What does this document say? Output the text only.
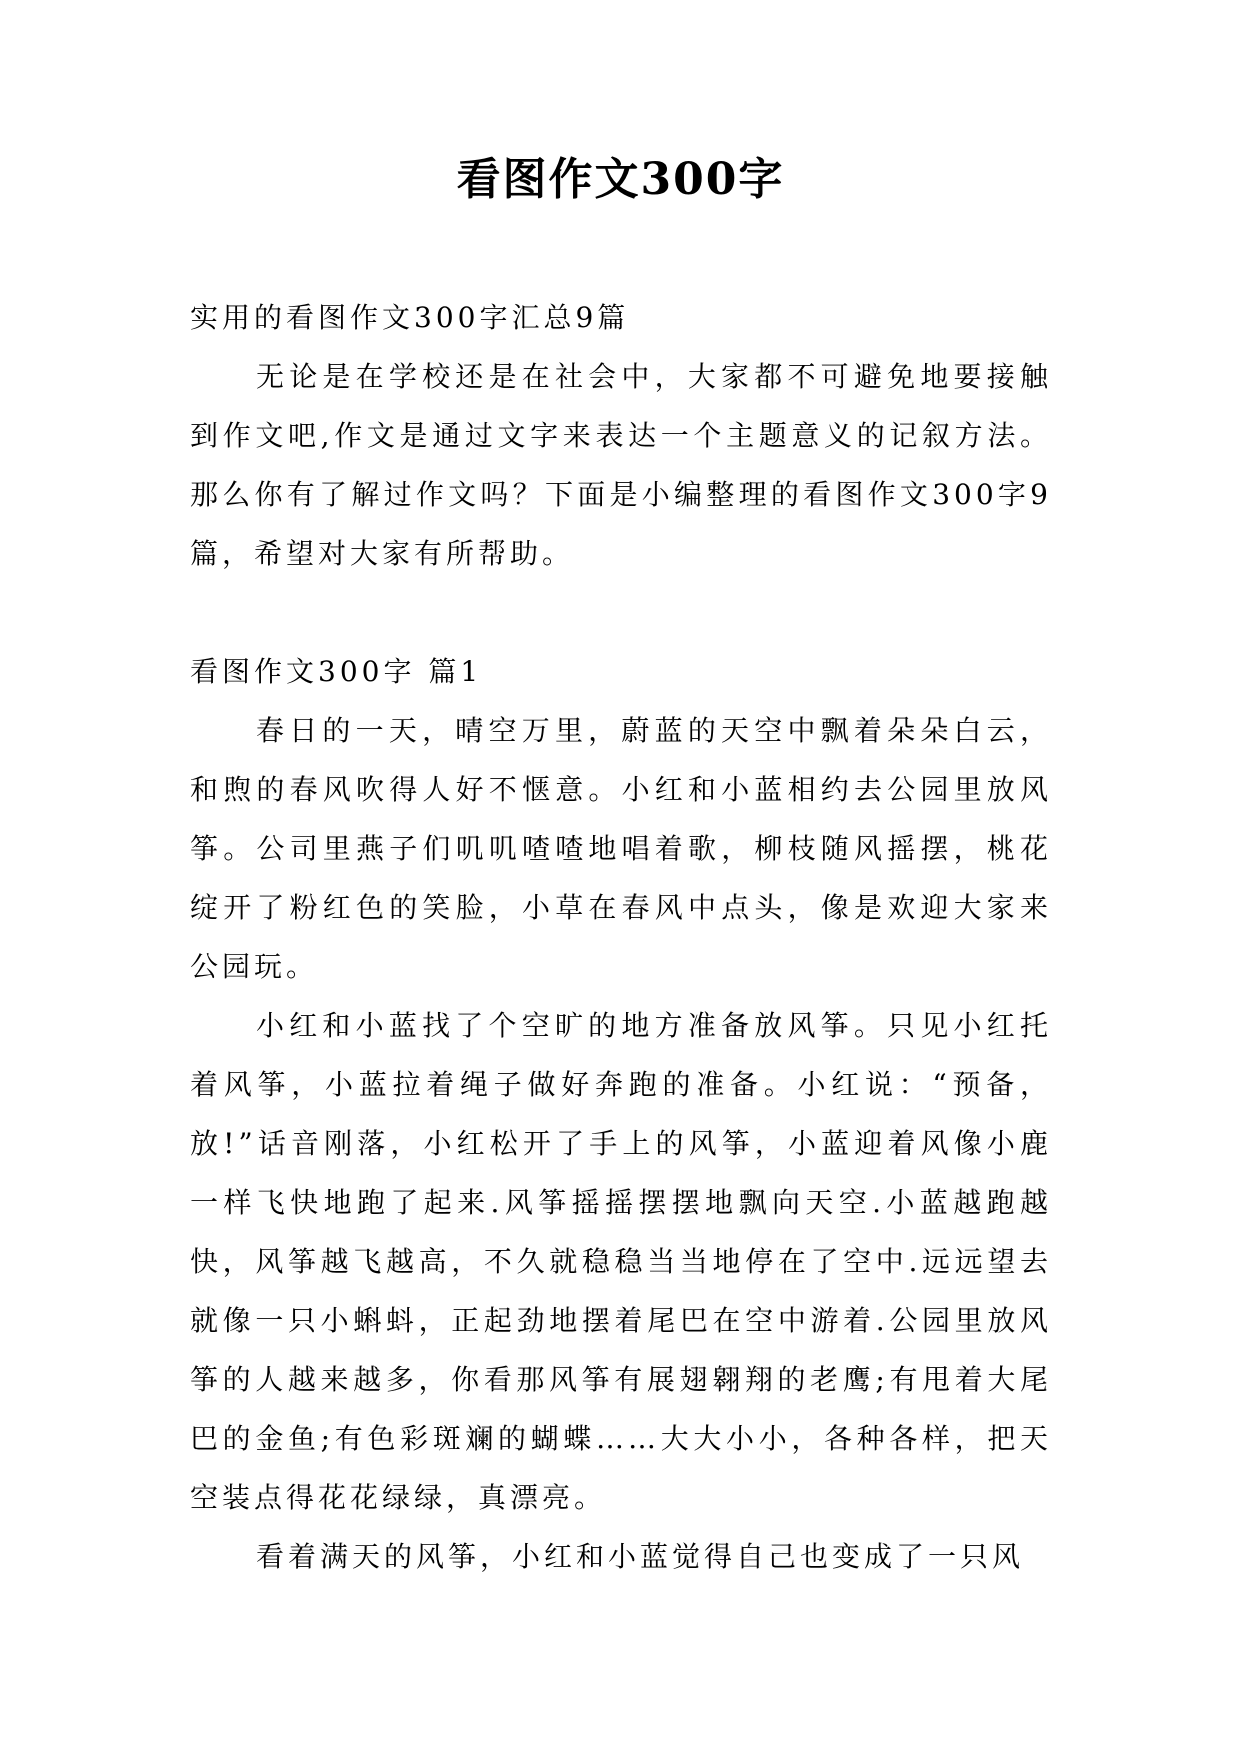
看图作文300字

实用的看图作文300字汇总9篇

无论是在学校还是在社会中，大家都不可避免地要接触到作文吧,作文是通过文字来表达一个主题意义的记叙方法。那么你有了解过作文吗？下面是小编整理的看图作文300字9篇，希望对大家有所帮助。

看图作文300字 篇1

春日的一天，晴空万里，蔚蓝的天空中飘着朵朵白云，和煦的春风吹得人好不惬意。小红和小蓝相约去公园里放风筝。公司里燕子们叽叽喳喳地唱着歌，柳枝随风摇摆，桃花绽开了粉红色的笑脸，小草在春风中点头，像是欢迎大家来公园玩。

小红和小蓝找了个空旷的地方准备放风筝。只见小红托着风筝，小蓝拉着绳子做好奔跑的准备。小红说：“预备，放!”话音刚落，小红松开了手上的风筝，小蓝迎着风像小鹿一样飞快地跑了起来.风筝摇摇摆摆地飘向天空.小蓝越跑越快，风筝越飞越高，不久就稳稳当当地停在了空中.远远望去就像一只小蝌蚪，正起劲地摆着尾巴在空中游着.公园里放风筝的人越来越多，你看那风筝有展翅翱翔的老鹰;有甩着大尾巴的金鱼;有色彩斑斓的蝴蝶……大大小小，各种各样，把天空装点得花花绿绿，真漂亮。

看着满天的风筝，小红和小蓝觉得自己也变成了一只风
